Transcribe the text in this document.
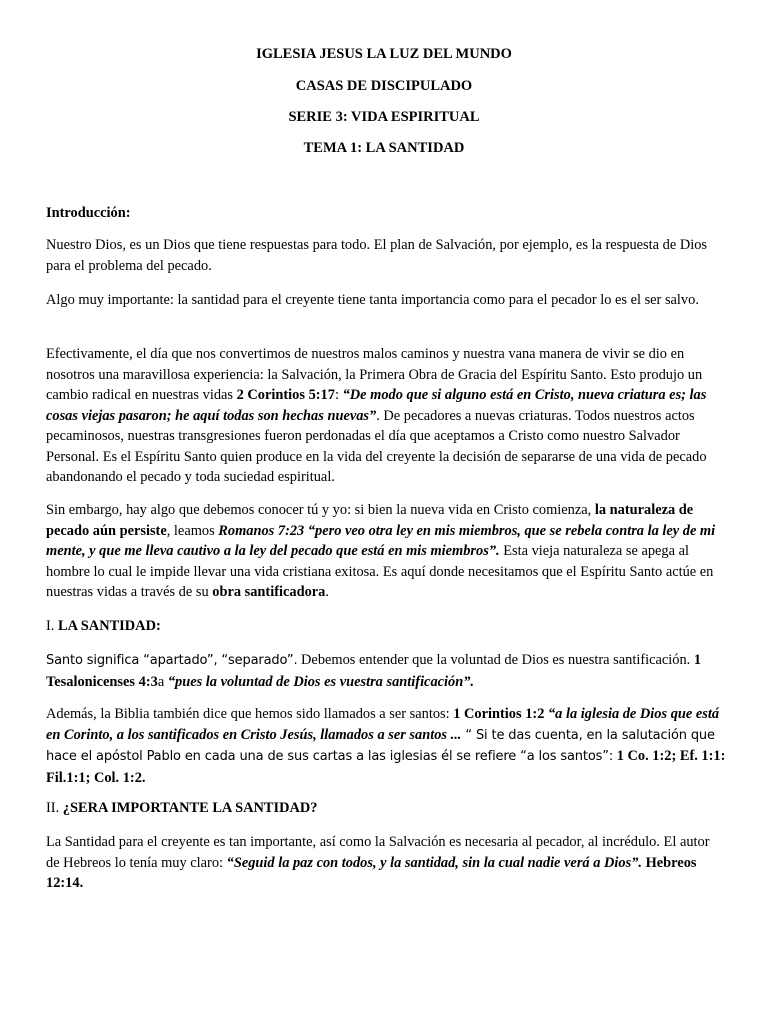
IGLESIA JESUS LA LUZ DEL MUNDO
CASAS DE DISCIPULADO
SERIE 3: VIDA ESPIRITUAL
TEMA 1: LA SANTIDAD
Introducción:

Nuestro Dios, es un Dios que tiene respuestas para todo. El plan de Salvación, por ejemplo, es la respuesta de Dios para el problema del pecado.

Algo muy importante: la santidad para el creyente tiene tanta importancia como para el pecador lo es el ser salvo.

Efectivamente, el día que nos convertimos de nuestros malos caminos y nuestra vana manera de vivir se dio en nosotros una maravillosa experiencia: la Salvación, la Primera Obra de Gracia del Espíritu Santo. Esto produjo un cambio radical en nuestras vidas 2 Corintios 5:17: “De modo que si alguno está en Cristo, nueva criatura es; las cosas viejas pasaron; he aquí todas son hechas nuevas”. De pecadores a nuevas criaturas. Todos nuestros actos pecaminosos, nuestras transgresiones fueron perdonadas el día que aceptamos a Cristo como nuestro Salvador Personal. Es el Espíritu Santo quien produce en la vida del creyente la decisión de separarse de una vida de pecado abandonando el pecado y toda suciedad espiritual.

Sin embargo, hay algo que debemos conocer tú y yo: si bien la nueva vida en Cristo comienza, la naturaleza de pecado aún persiste, leamos Romanos 7:23 “pero veo otra ley en mis miembros, que se rebela contra la ley de mi mente, y que me lleva cautivo a la ley del pecado que está en mis miembros”. Esta vieja naturaleza se apega al hombre lo cual le impide llevar una vida cristiana exitosa. Es aquí donde necesitamos que el Espíritu Santo actúe en nuestras vidas a través de su obra santificadora.

I. LA SANTIDAD:

Santo significa “apartado”, “separado”. Debemos entender que la voluntad de Dios es nuestra santificación. 1 Tesalonicenses 4:3a “pues la voluntad de Dios es vuestra santificación”.

Además, la Biblia también dice que hemos sido llamados a ser santos: 1 Corintios 1:2 “a la iglesia de Dios que está en Corinto, a los santificados en Cristo Jesús, llamados a ser santos ... “ Si te das cuenta, en la salutación que hace el apóstol Pablo en cada una de sus cartas a las iglesias él se refiere “a los santos”: 1 Co. 1:2; Ef. 1:1: Fil.1:1; Col. 1:2.

II. ¿SERA IMPORTANTE LA SANTIDAD?

La Santidad para el creyente es tan importante, así como la Salvación es necesaria al pecador, al incrédulo. El autor de Hebreos lo tenía muy claro: “Seguid la paz con todos, y la santidad, sin la cual nadie verá a Dios”. Hebreos 12:14.
